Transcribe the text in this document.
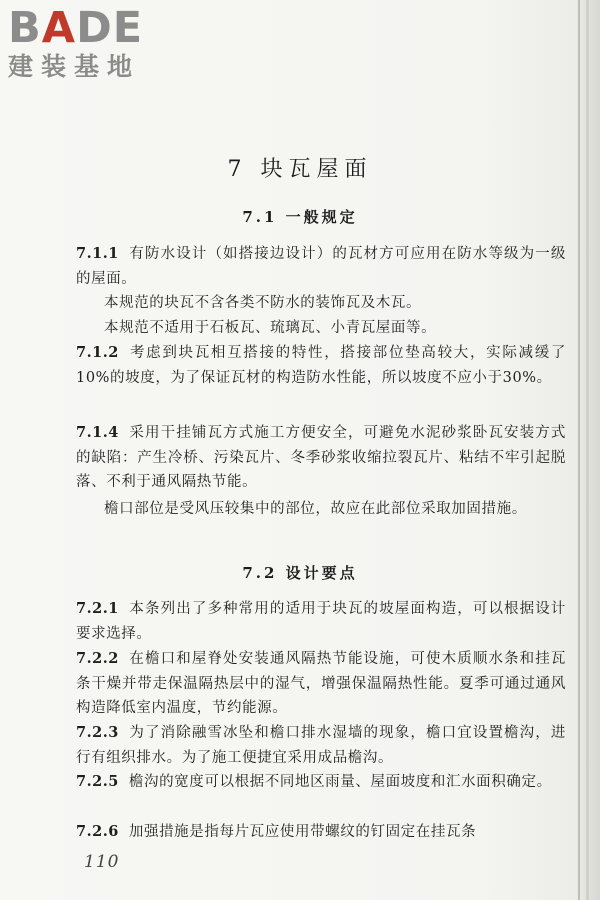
BADE
建装基地
7 块瓦屋面
7.1 一般规定

7.1.1 有防水设计（如搭接边设计）的瓦材方可应用在防水等级为一级的屋面。

本规范的块瓦不含各类不防水的装饰瓦及木瓦。

本规范不适用于石板瓦、琉璃瓦、小青瓦屋面等。

7.1.2 考虑到块瓦相互搭接的特性，搭接部位垫高较大，实际减缓了10%的坡度，为了保证瓦材的构造防水性能，所以坡度不应小于30%。

7.1.4 采用干挂铺瓦方式施工方便安全，可避免水泥砂浆卧瓦安装方式的缺陷：产生冷桥、污染瓦片、冬季砂浆收缩拉裂瓦片、粘结不牢引起脱落、不利于通风隔热节能。

檐口部位是受风压较集中的部位，故应在此部位采取加固措施。

7.2 设计要点

7.2.1 本条列出了多种常用的适用于块瓦的坡屋面构造，可以根据设计要求选择。

7.2.2 在檐口和屋脊处安装通风隔热节能设施，可使木质顺水条和挂瓦条干燥并带走保温隔热层中的湿气，增强保温隔热性能。夏季可通过通风构造降低室内温度，节约能源。

7.2.3 为了消除融雪冰坠和檐口排水湿墙的现象，檐口宜设置檐沟，进行有组织排水。为了施工便捷宜采用成品檐沟。

7.2.5 檐沟的宽度可以根据不同地区雨量、屋面坡度和汇水面积确定。

7.2.6 加强措施是指每片瓦应使用带螺纹的钉固定在挂瓦条

110
